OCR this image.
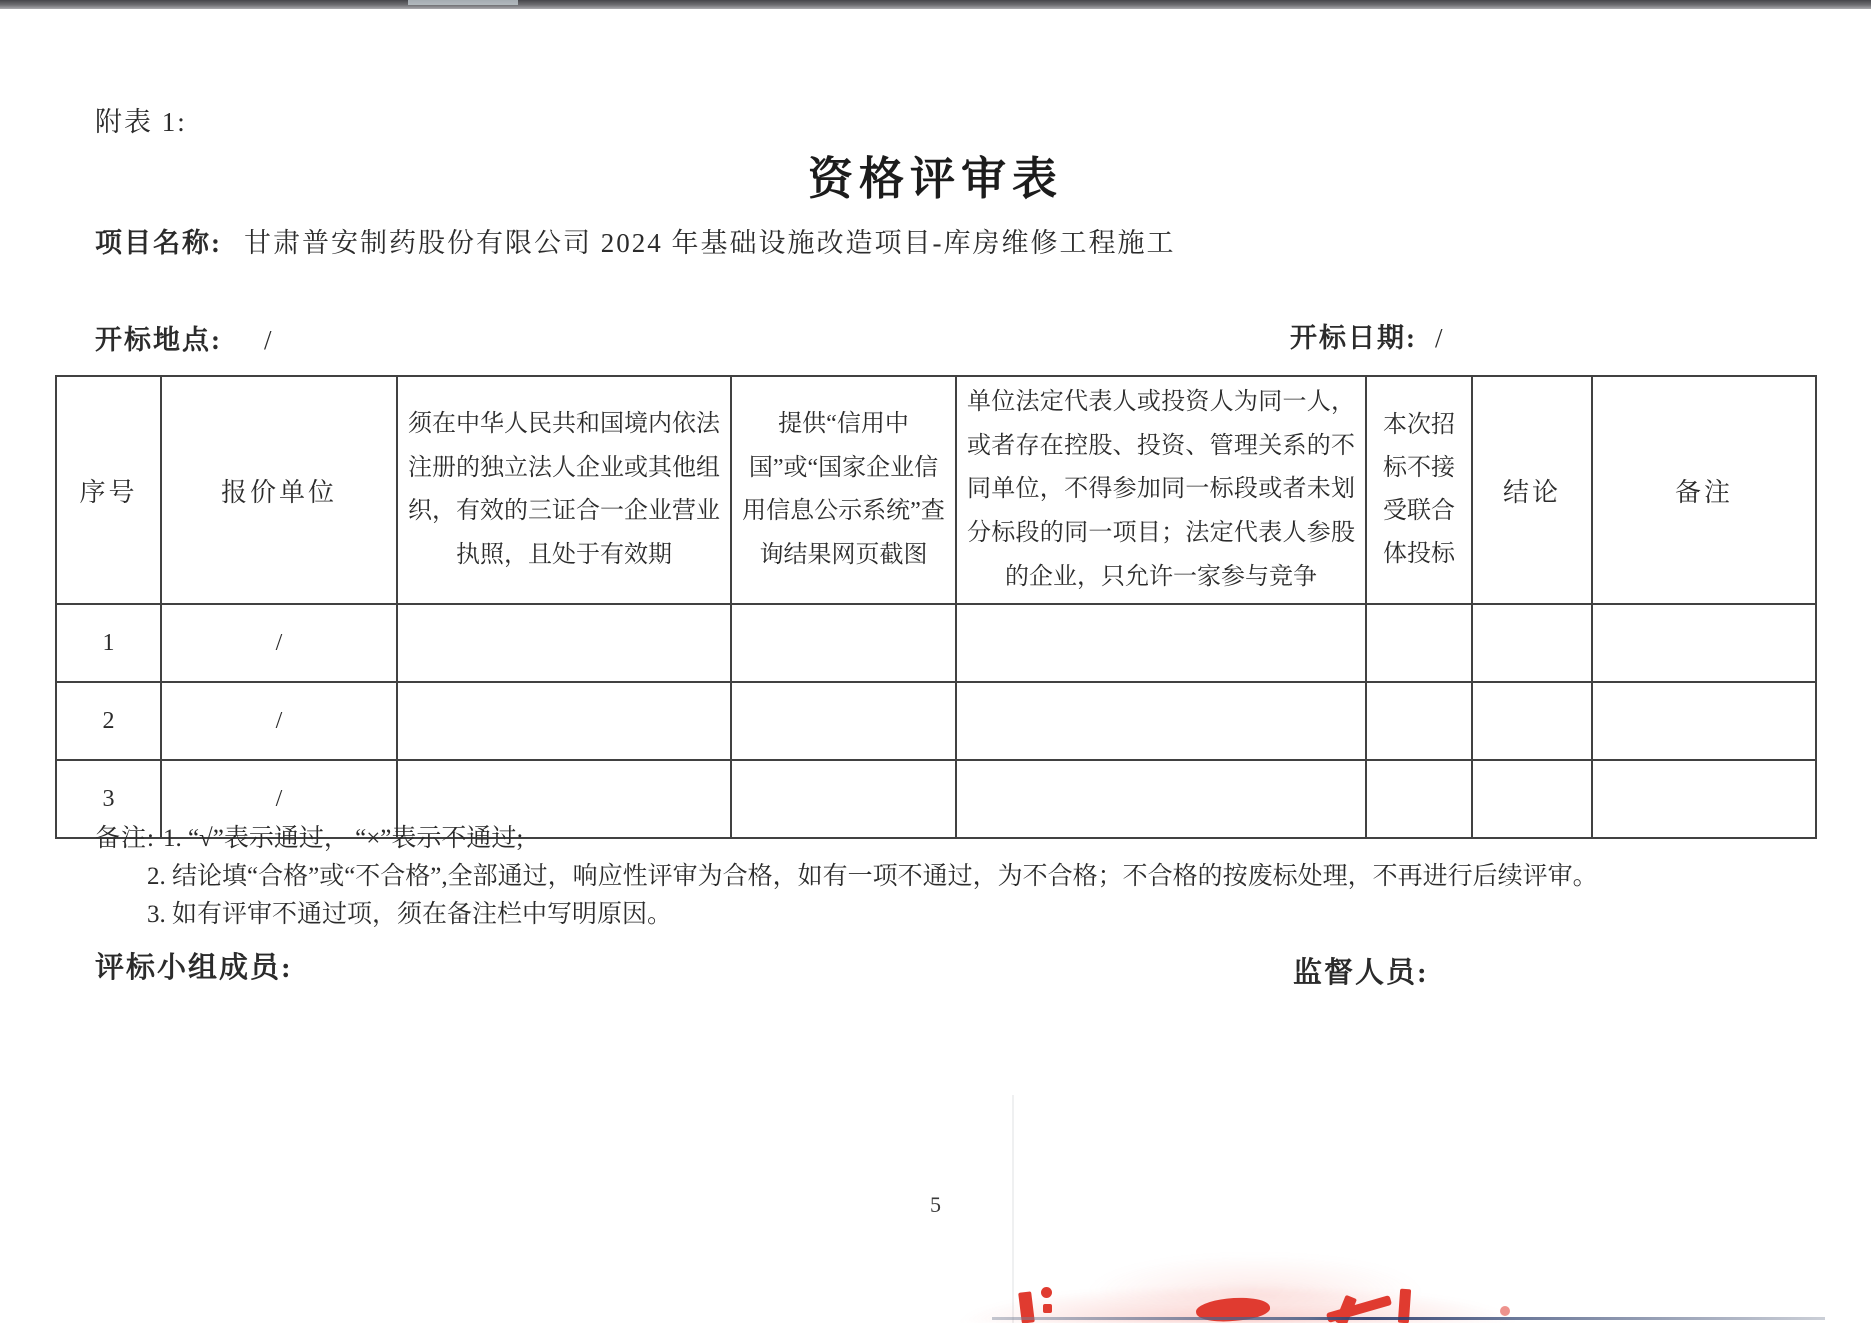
附表 1:
资格评审表
项目名称: 甘肃普安制药股份有限公司 2024 年基础设施改造项目-库房维修工程施工
开标地点: /	开标日期: /
序号	报价单位	须在中华人民共和国境内依法注册的独立法人企业或其他组织，有效的三证合一企业营业执照，且处于有效期	提供“信用中国”或“国家企业信用信息公示系统”查询结果网页截图	单位法定代表人或投资人为同一人，或者存在控股、投资、管理关系的不同单位，不得参加同一标段或者未划分标段的同一项目；法定代表人参股的企业，只允许一家参与竞争	本次招标不接受联合体投标	结论	备注
1	/						
2	/						
3	/						
备注: 1. “√”表示通过， “×”表示不通过;
2. 结论填“合格”或“不合格”,全部通过，响应性评审为合格，如有一项不通过，为不合格；不合格的按废标处理，不再进行后续评审。
3. 如有评审不通过项，须在备注栏中写明原因。
评标小组成员:	监督人员:
5
